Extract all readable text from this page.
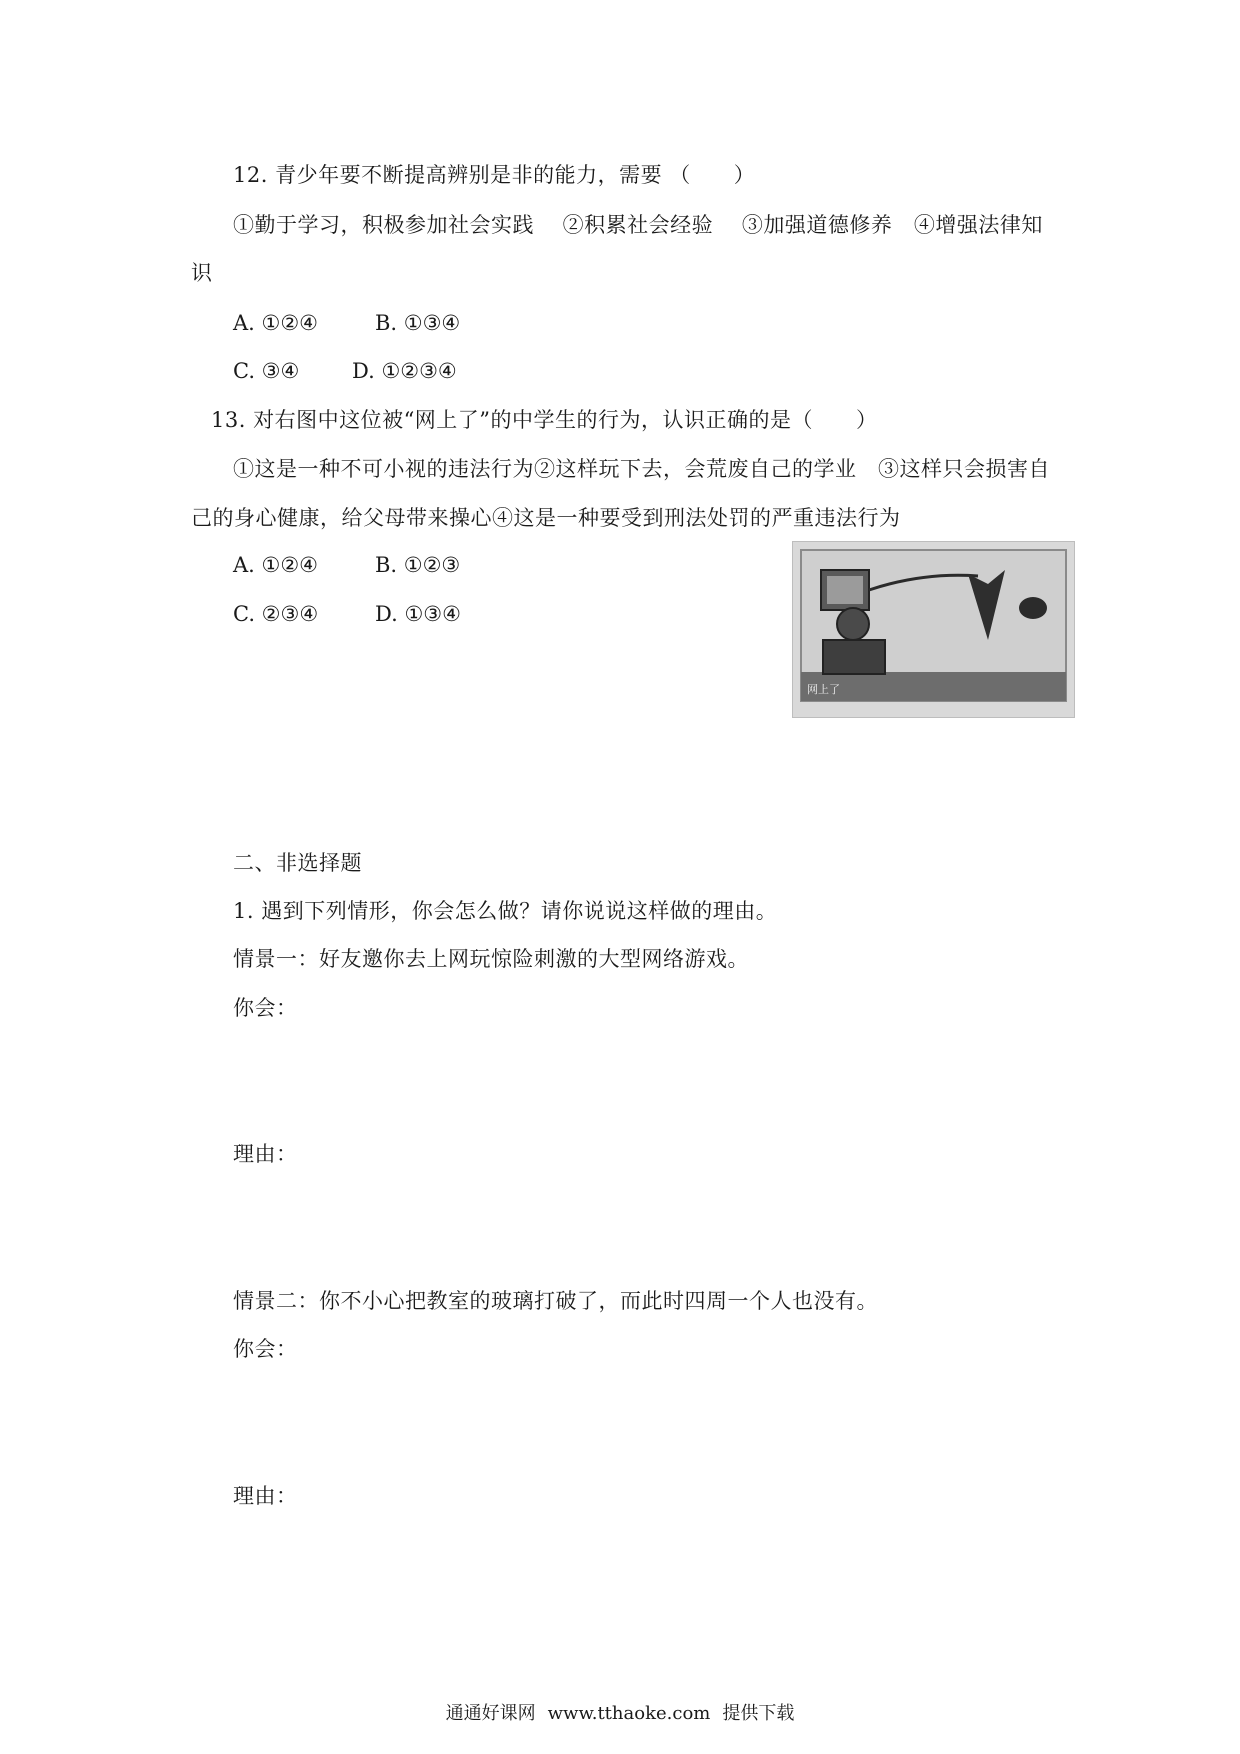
12. 青少年要不断提高辨别是非的能力，需要 （　　）
①勤于学习，积极参加社会实践　 ②积累社会经验　 ③加强道德修养　④增强法律知
识
A. ①②④	B. ①③④
C. ③④	D. ①②③④
13. 对右图中这位被“网上了”的中学生的行为，认识正确的是（　　）
①这是一种不可小视的违法行为②这样玩下去，会荒废自己的学业　③这样只会损害自
己的身心健康，给父母带来操心④这是一种要受到刑法处罚的严重违法行为
A. ①②④	B. ①②③
C. ②③④	D. ①③④
网上了
二、非选择题
1. 遇到下列情形，你会怎么做？请你说说这样做的理由。
情景一：好友邀你去上网玩惊险刺激的大型网络游戏。
你会：
理由：
情景二：你不小心把教室的玻璃打破了，而此时四周一个人也没有。
你会：
理由：
通通好课网 www.tthaoke.com 提供下载
